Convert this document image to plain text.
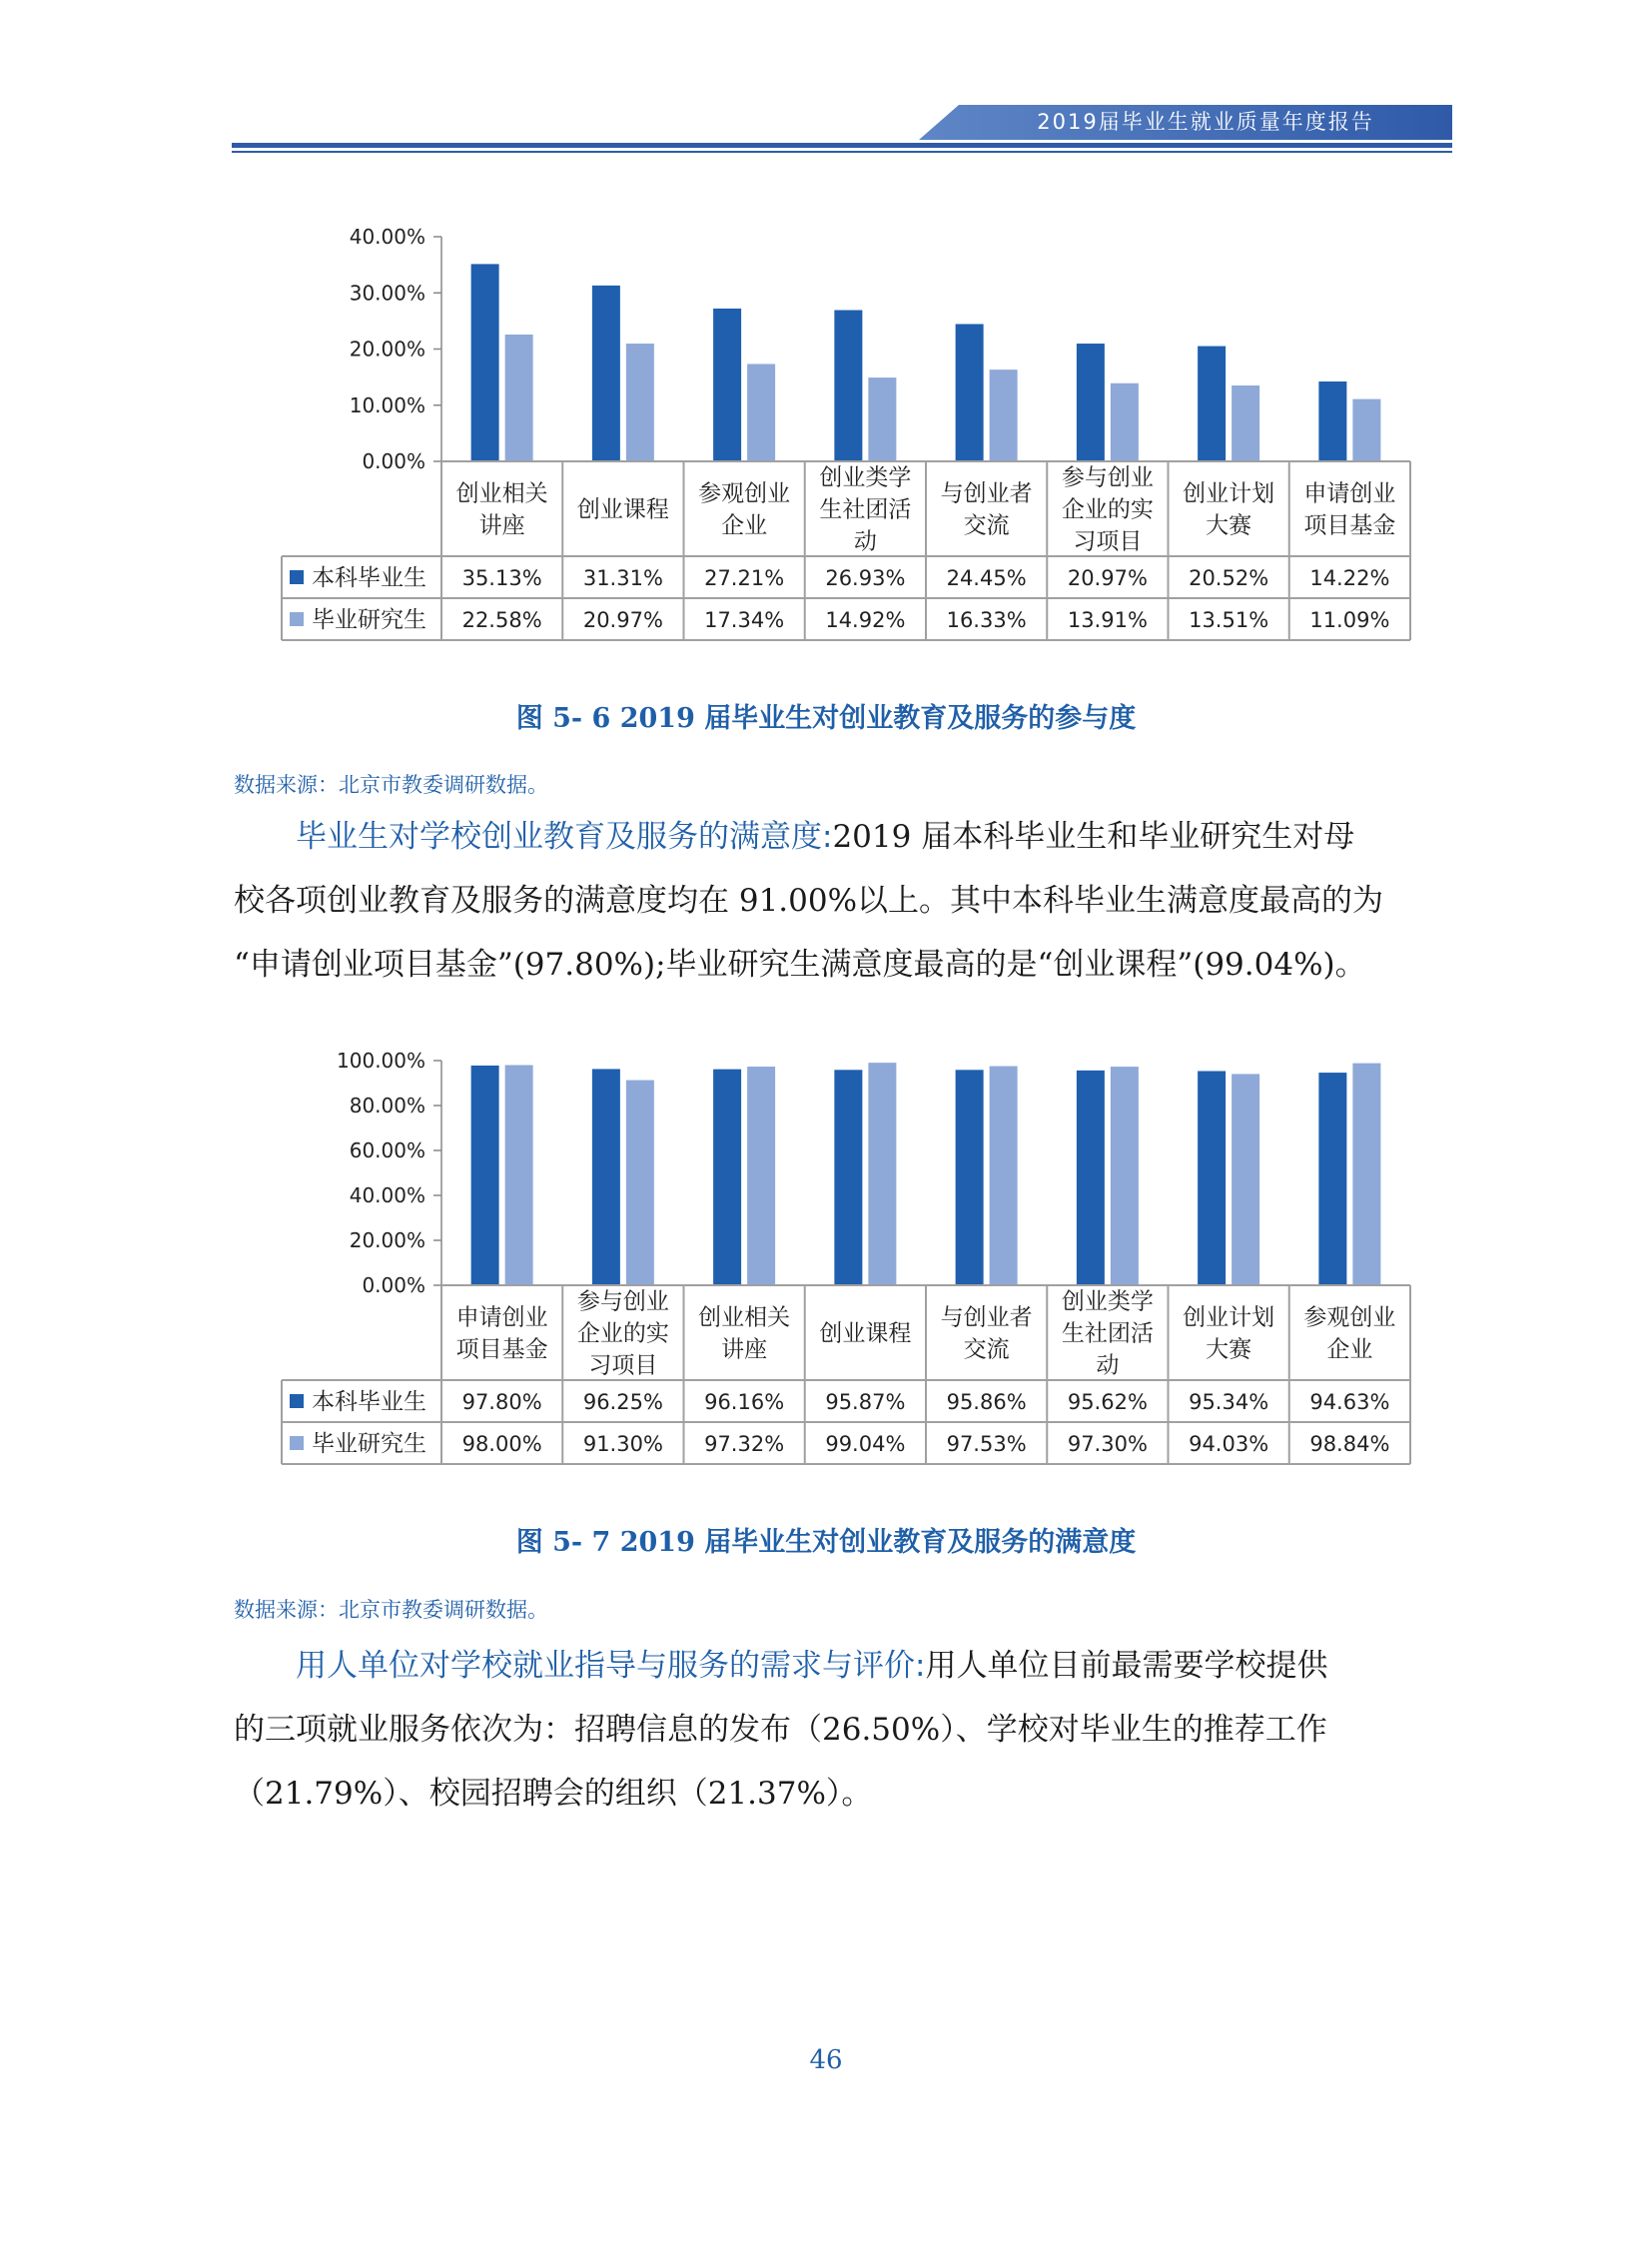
2019届毕业生就业质量年度报告
0.00%
10.00%
20.00%
30.00%
40.00%
创业相关
讲座
创业课程
参观创业
企业
创业类学
生社团活
动
与创业者
交流
参与创业
企业的实
习项目
创业计划
大赛
申请创业
项目基金
本科毕业生 35.13% 31.31% 27.21% 26.93% 24.45% 20.97% 20.52% 14.22%
毕业研究生 22.58% 20.97% 17.34% 14.92% 16.33% 13.91% 13.51% 11.09%
图 5- 6 2019 届毕业生对创业教育及服务的参与度
数据来源：北京市教委调研数据。
毕业生对学校创业教育及服务的满意度:2019 届本科毕业生和毕业研究生对母
校各项创业教育及服务的满意度均在 91.00%以上。其中本科毕业生满意度最高的为
“申请创业项目基金”(97.80%);毕业研究生满意度最高的是“创业课程”(99.04%)。
0.00%
20.00%
40.00%
60.00%
80.00%
100.00%
申请创业
项目基金
参与创业
企业的实
习项目
创业相关
讲座
创业课程
与创业者
交流
创业类学
生社团活
动
创业计划
大赛
参观创业
企业
本科毕业生 97.80% 96.25% 96.16% 95.87% 95.86% 95.62% 95.34% 94.63%
毕业研究生 98.00% 91.30% 97.32% 99.04% 97.53% 97.30% 94.03% 98.84%
图 5- 7 2019 届毕业生对创业教育及服务的满意度
数据来源：北京市教委调研数据。
用人单位对学校就业指导与服务的需求与评价:用人单位目前最需要学校提供
的三项就业服务依次为：招聘信息的发布（26.50%）、学校对毕业生的推荐工作
（21.79%）、校园招聘会的组织（21.37%）。
46
